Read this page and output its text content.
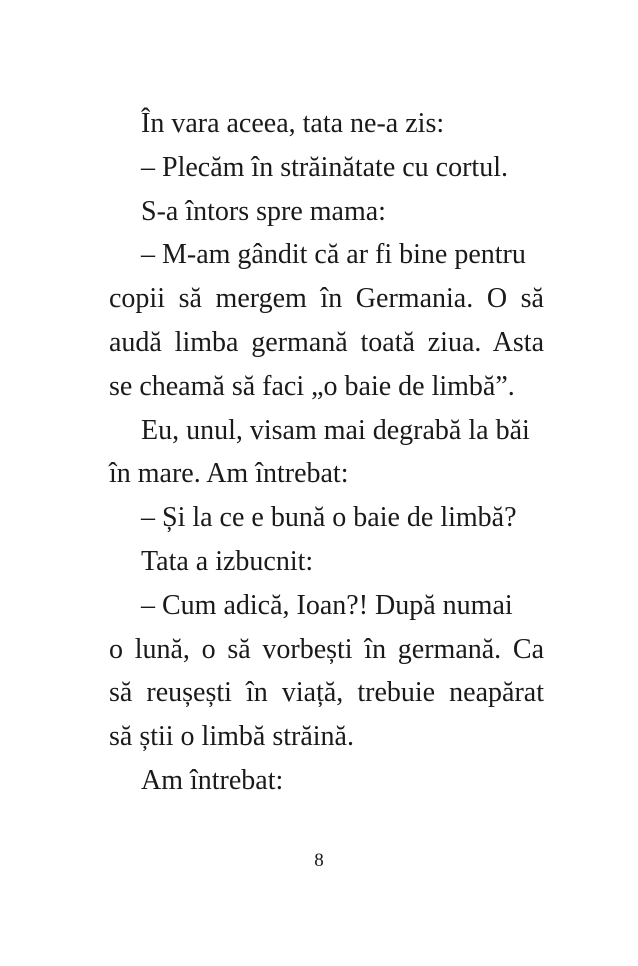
În vara aceea, tata ne-a zis:
– Plecăm în străinătate cu cortul.
S-a întors spre mama:
– M-am gândit că ar fi bine pentru
copii să mergem în Germania. O să
audă limba germană toată ziua. Asta
se cheamă să faci „o baie de limbă”.
Eu, unul, visam mai degrabă la băi
în mare. Am întrebat:
– Și la ce e bună o baie de limbă?
Tata a izbucnit:
– Cum adică, Ioan?! După numai
o lună, o să vorbești în germană. Ca
să reușești în viață, trebuie neapărat
să știi o limbă străină.
Am întrebat:
8
